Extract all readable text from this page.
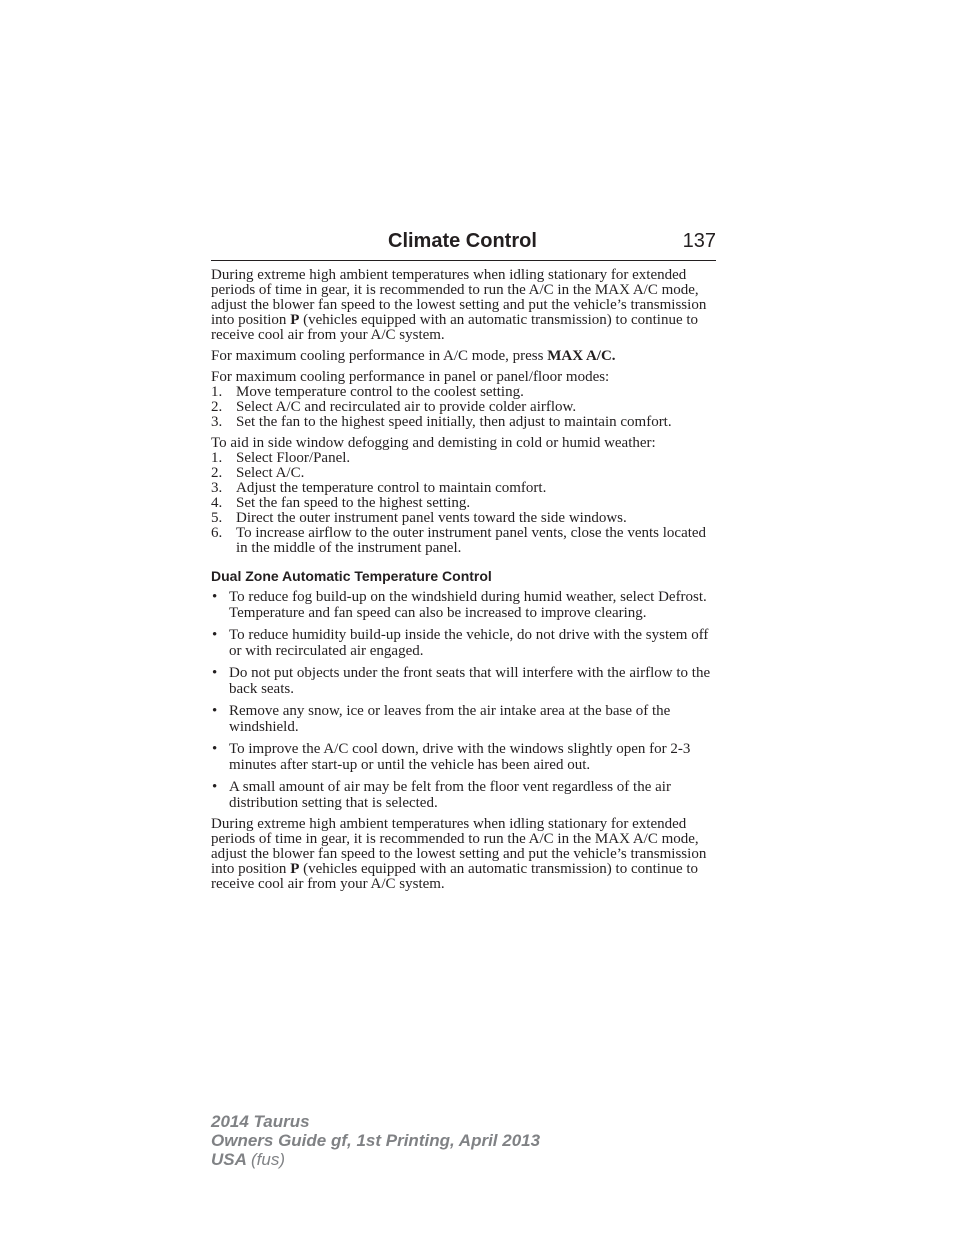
Climate Control	137

During extreme high ambient temperatures when idling stationary for extended periods of time in gear, it is recommended to run the A/C in the MAX A/C mode, adjust the blower fan speed to the lowest setting and put the vehicle’s transmission into position P (vehicles equipped with an automatic transmission) to continue to receive cool air from your A/C system.

For maximum cooling performance in A/C mode, press MAX A/C.

For maximum cooling performance in panel or panel/floor modes:

1. Move temperature control to the coolest setting.
2. Select A/C and recirculated air to provide colder airflow.
3. Set the fan to the highest speed initially, then adjust to maintain comfort.

To aid in side window defogging and demisting in cold or humid weather:

1. Select Floor/Panel.
2. Select A/C.
3. Adjust the temperature control to maintain comfort.
4. Set the fan speed to the highest setting.
5. Direct the outer instrument panel vents toward the side windows.
6. To increase airflow to the outer instrument panel vents, close the vents located in the middle of the instrument panel.
Dual Zone Automatic Temperature Control
• To reduce fog build-up on the windshield during humid weather, select Defrost. Temperature and fan speed can also be increased to improve clearing.
• To reduce humidity build-up inside the vehicle, do not drive with the system off or with recirculated air engaged.
• Do not put objects under the front seats that will interfere with the airflow to the back seats.
• Remove any snow, ice or leaves from the air intake area at the base of the windshield.
• To improve the A/C cool down, drive with the windows slightly open for 2-3 minutes after start-up or until the vehicle has been aired out.
• A small amount of air may be felt from the floor vent regardless of the air distribution setting that is selected.

During extreme high ambient temperatures when idling stationary for extended periods of time in gear, it is recommended to run the A/C in the MAX A/C mode, adjust the blower fan speed to the lowest setting and put the vehicle’s transmission into position P (vehicles equipped with an automatic transmission) to continue to receive cool air from your A/C system.

2014 Taurus
Owners Guide gf, 1st Printing, April 2013
USA (fus)
